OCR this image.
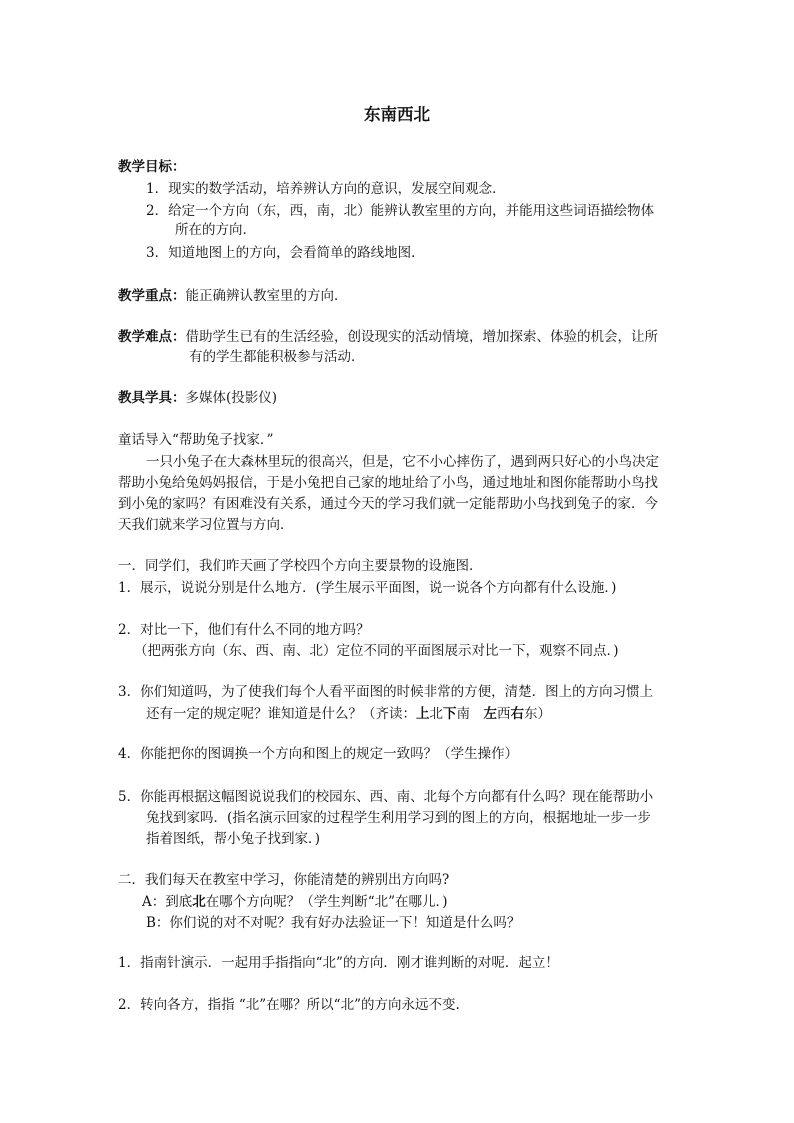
东南西北
教学目标：
1．现实的数学活动，培养辨认方向的意识，发展空间观念．
2．给定一个方向（东，西，南，北）能辨认教室里的方向，并能用这些词语描绘物体
所在的方向．
3．知道地图上的方向，会看简单的路线地图．
教学重点：能正确辨认教室里的方向．
教学难点：借助学生已有的生活经验，创设现实的活动情境，增加探索、体验的机会，让所
有的学生都能积极参与活动．
教具学具：多媒体(投影仪)
童话导入“帮助兔子找家．”
一只小兔子在大森林里玩的很高兴，但是，它不小心摔伤了，遇到两只好心的小鸟决定
帮助小兔给兔妈妈报信，于是小兔把自己家的地址给了小鸟，通过地址和图你能帮助小鸟找
到小兔的家吗？有困难没有关系，通过今天的学习我们就一定能帮助小鸟找到兔子的家．今
天我们就来学习位置与方向．
一．同学们，我们昨天画了学校四个方向主要景物的设施图．
1．展示，说说分别是什么地方．(学生展示平面图，说一说各个方向都有什么设施．)
2．对比一下，他们有什么不同的地方吗？
（把两张方向（东、西、南、北）定位不同的平面图展示对比一下，观察不同点．)
3．你们知道吗，为了使我们每个人看平面图的时候非常的方便，清楚．图上的方向习惯上
还有一定的规定呢？谁知道是什么？（齐读：上北下南　左西右东）
4．你能把你的图调换一个方向和图上的规定一致吗？（学生操作）
5．你能再根据这幅图说说我们的校园东、西、南、北每个方向都有什么吗？现在能帮助小
兔找到家吗．(指名演示回家的过程学生利用学习到的图上的方向，根据地址一步一步
指着图纸，帮小兔子找到家．)
二．我们每天在教室中学习，你能清楚的辨别出方向吗?
A：到底北在哪个方向呢？（学生判断“北”在哪儿．)
B：你们说的对不对呢？我有好办法验证一下！知道是什么吗？
1．指南针演示．一起用手指指向“北”的方向．刚才谁判断的对呢．起立！
2．转向各方，指指 “北”在哪？所以“北”的方向永远不变.
